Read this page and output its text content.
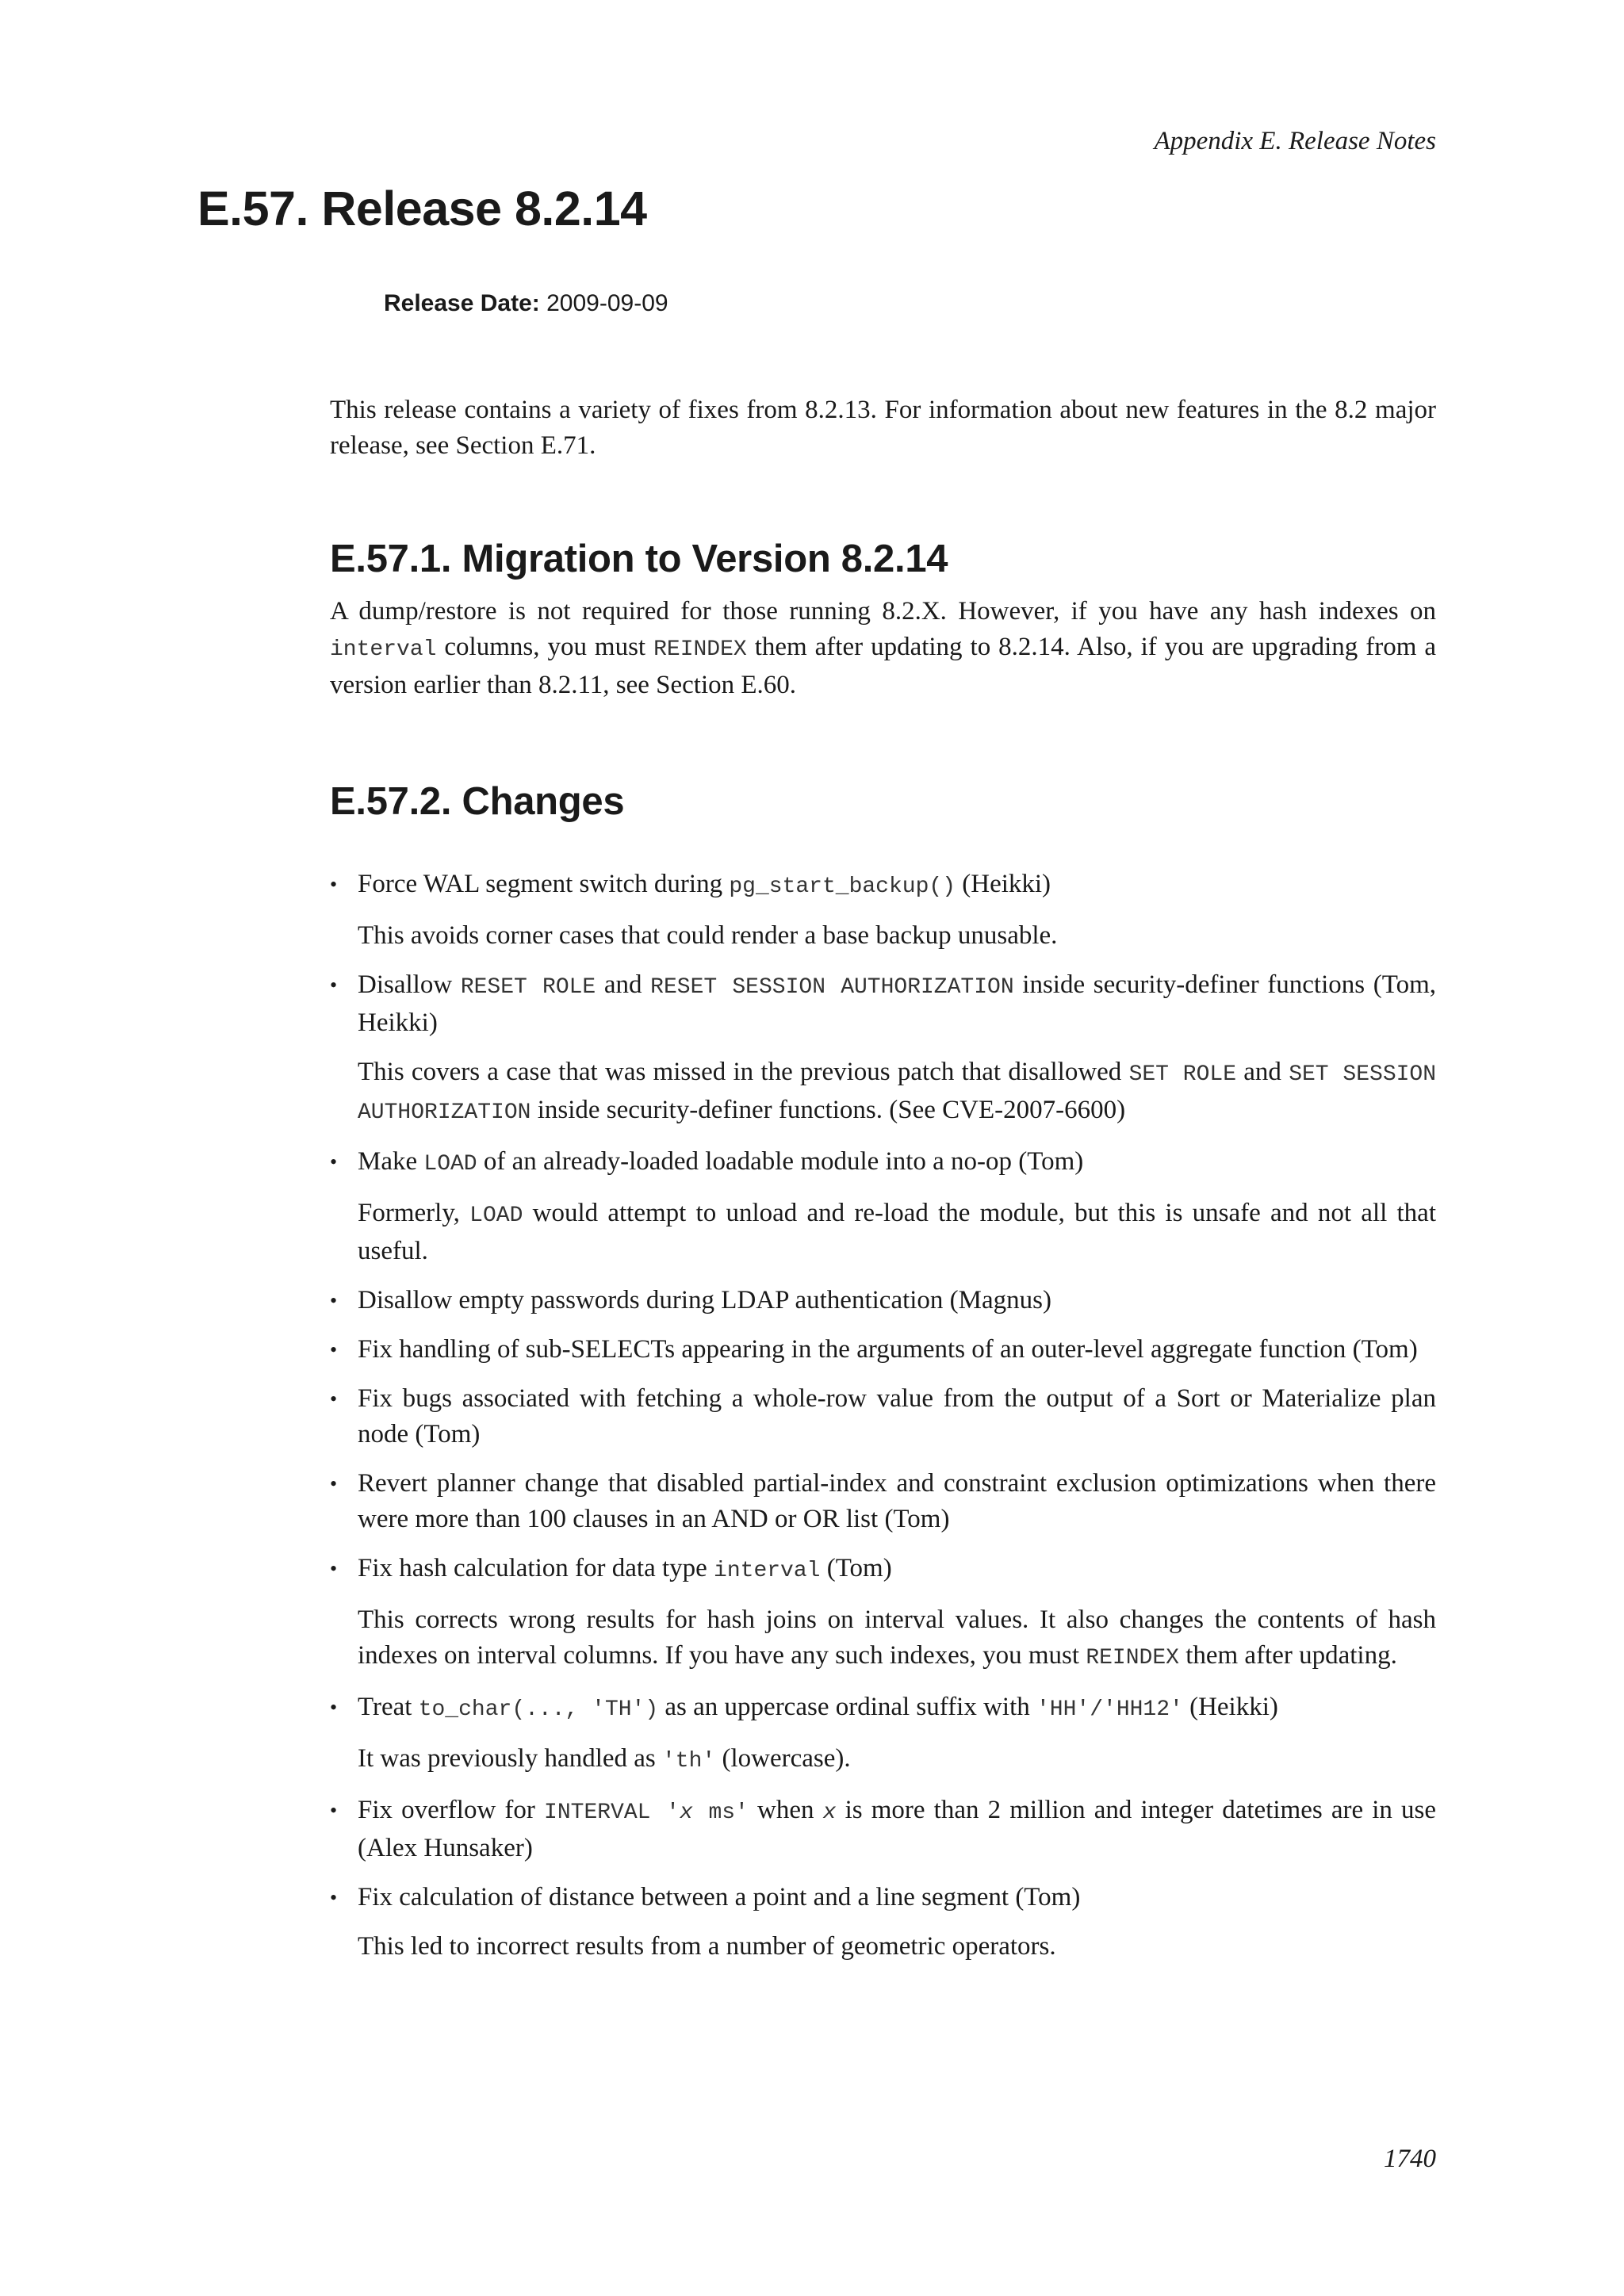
Appendix E. Release Notes
E.57. Release 8.2.14
Release Date: 2009-09-09

This release contains a variety of fixes from 8.2.13. For information about new features in the 8.2 major release, see Section E.71.

E.57.1. Migration to Version 8.2.14

A dump/restore is not required for those running 8.2.X. However, if you have any hash indexes on interval columns, you must REINDEX them after updating to 8.2.14. Also, if you are upgrading from a version earlier than 8.2.11, see Section E.60.

E.57.2. Changes

• Force WAL segment switch during pg_start_backup() (Heikki)

This avoids corner cases that could render a base backup unusable.

• Disallow RESET ROLE and RESET SESSION AUTHORIZATION inside security-definer functions (Tom, Heikki)

This covers a case that was missed in the previous patch that disallowed SET ROLE and SET SESSION AUTHORIZATION inside security-definer functions. (See CVE-2007-6600)

• Make LOAD of an already-loaded loadable module into a no-op (Tom)

Formerly, LOAD would attempt to unload and re-load the module, but this is unsafe and not all that useful.

• Disallow empty passwords during LDAP authentication (Magnus)

• Fix handling of sub-SELECTs appearing in the arguments of an outer-level aggregate function (Tom)

• Fix bugs associated with fetching a whole-row value from the output of a Sort or Materialize plan node (Tom)

• Revert planner change that disabled partial-index and constraint exclusion optimizations when there were more than 100 clauses in an AND or OR list (Tom)

• Fix hash calculation for data type interval (Tom)

This corrects wrong results for hash joins on interval values. It also changes the contents of hash indexes on interval columns. If you have any such indexes, you must REINDEX them after updating.

• Treat to_char(..., 'TH') as an uppercase ordinal suffix with 'HH'/'HH12' (Heikki)

It was previously handled as 'th' (lowercase).

• Fix overflow for INTERVAL 'x ms' when x is more than 2 million and integer datetimes are in use (Alex Hunsaker)

• Fix calculation of distance between a point and a line segment (Tom)

This led to incorrect results from a number of geometric operators.

1740
